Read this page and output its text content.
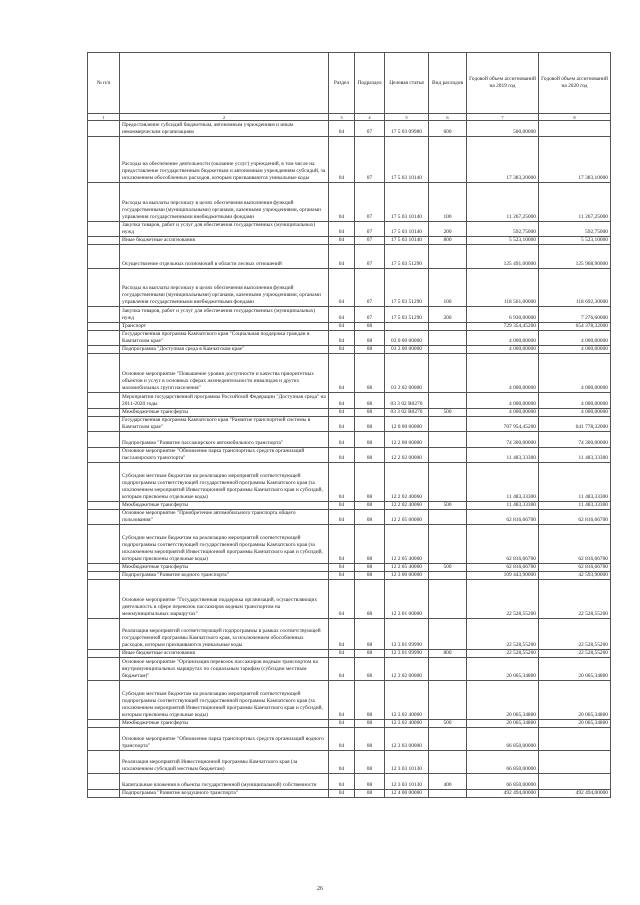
№ п/п		Раздел	Подраздел	Целевая статья	Вид расходов	Годовой объем ассигнований на 2019 год	Годовой объем ассигнований на 2020 год
1	2	3	4	5	6	7	8
	Предоставление субсидий бюджетным, автономным учреждениям и иным некоммерческим организациям	04	07	17 5 03 09980	600	500,00000	
	Расходы на обеспечение деятельности (оказание услуг) учреждений, в том числе на предоставление государственным бюджетным и автономным учреждениям субсидий, за исключением обособленных расходов, которым присваиваются уникальные коды	04	07	17 5 03 10140		17 383,20000	17 383,10000
	Расходы на выплаты персоналу в целях обеспечения выполнения функций государственными (муниципальными) органами, казенными учреждениями, органами управления государственными внебюджетными фондами	04	07	17 5 03 10140	100	11 267,25000	11 267,25000
	Закупка товаров, работ и услуг для обеспечения государственных (муниципальных) нужд	04	07	17 5 03 10140	200	592,75000	592,75000
	Иные бюджетные ассигнования	04	07	17 5 03 10140	800	5 523,10000	5 523,10000
	Осуществление отдельных полномочий в области лесных отношений	04	07	17 5 03 51290		125 491,00000	125 968,90000
	Расходы на выплаты персоналу в целях обеспечения выполнения функций государственными (муниципальными) органами, казенными учреждениями, органами управления государственными внебюджетными фондами	04	07	17 5 03 51290	100	118 561,00000	118 692,30000
	Закупка товаров, работ и услуг для обеспечения государственных (муниципальных) нужд	04	07	17 5 03 51290	200	6 930,00000	7 276,60000
	Транспорт	04	08			729 354,45200	654 378,32000
	Государственная программа Камчатского края "Социальная поддержка граждан в Камчатском крае"	04	08	03 0 00 00000		4 000,00000	4 000,00000
	Подпрограмма "Доступная среда в Камчатском крае"	04	08	03 3 00 00000		4 000,00000	4 000,00000
	Основное мероприятие "Повышение уровня доступности и качества приоритетных объектов и услуг в основных сферах жизнедеятельности инвалидов и других маломобильных групп населения"	04	08	03 3 02 00000		4 000,00000	4 000,00000
	Мероприятия государственной программы Российской Федерации "Доступная среда" на 2011-2020 годы	04	08	03 3 02 R0270		4 000,00000	4 000,00000
	Межбюджетные трансферты	04	08	03 3 02 R0270	500	4 000,00000	4 000,00000
	Государственная программа Камчатского края "Развитие транспортной системы в Камчатском крае"	04	08	12 0 00 00000		707 954,45200	641 778,32000
	Подпрограмма "Развитие пассажирского автомобильного транспорта"	04	08	12 2 00 00000		74 300,00000	74 300,00000
	Основное мероприятие "Обновление парка транспортных средств организаций пассажирского транспорта"	04	08	12 2 02 00000		11 483,33300	11 483,33300
	Субсидии местным бюджетам на реализацию мероприятий соответствующей подпрограммы соответствующей государственной программы Камчатского края (за исключением мероприятий Инвестиционной программы Камчатского края и субсидий, которым присвоены отдельные коды)	04	08	12 2 02 40060		11 483,33300	11 483,33300
	Межбюджетные трансферты	04	08	12 2 02 40060	500	11 483,33300	11 483,33300
	Основное мероприятие "Приобретение автомобильного транспорта общего пользования"	04	08	12 2 05 00000		62 816,66700	62 816,66700
	Субсидии местным бюджетам на реализацию мероприятий соответствующей подпрограммы соответствующей государственной программы Камчатского края (за исключением мероприятий Инвестиционной программы Камчатского края и субсидий, которым присвоены отдельные коды)	04	08	12 2 05 40060		62 816,66700	62 816,66700
	Межбюджетные трансферты	04	08	12 2 05 40060	500	62 816,66700	62 816,66700
	Подпрограмма "Развитие водного транспорта"	04	08	12 3 00 00000		109 443,90000	42 593,90000
	Основное мероприятие "Государственная поддержка организаций, осуществляющих деятельность в сфере перевозок пассажиров водным транспортом на межмуниципальных маршрутах"	04	08	12 3 01 00000		22 528,55200	22 528,55200
	Реализация мероприятий соответствующей подпрограммы в рамках соответствующей государственной программы Камчатского края, за исключением обособленных расходов, которым присваиваются уникальные коды	04	08	12 3 01 09990		22 528,55200	22 528,55200
	Иные бюджетные ассигнования	04	08	12 3 01 09990	800	22 528,55200	22 528,55200
	Основное мероприятие "Организация перевозок пассажиров водным транспортом на внутримуниципальных маршрутах по социальным тарифам (субсидии местным бюджетам)"	04	08	12 3 02 00000		20 065,34800	20 065,34800
	Субсидии местным бюджетам на реализацию мероприятий соответствующей подпрограммы соответствующей государственной программы Камчатского края (за исключением мероприятий Инвестиционной программы Камчатского края и субсидий, которым присвоены отдельные коды)	04	08	12 3 02 40060		20 065,34800	20 065,34800
	Межбюджетные трансферты	04	08	12 3 02 40060	500	20 065,34800	20 065,34800
	Основное мероприятие "Обновление парка транспортных средств организаций водного транспорта"	04	08	12 3 03 00000		66 850,00000	
	Реализация мероприятий Инвестиционной программы Камчатского края (за исключением субсидий местным бюджетам)	04	08	12 3 03 10130		66 850,00000	
	Капитальные вложения в объекты государственной (муниципальной) собственности	04	08	12 3 03 10130	400	66 850,00000	
	Подпрограмма "Развитие воздушного транспорта"	04	08	12 4 00 00000		492 494,00000	492 494,00000
26
